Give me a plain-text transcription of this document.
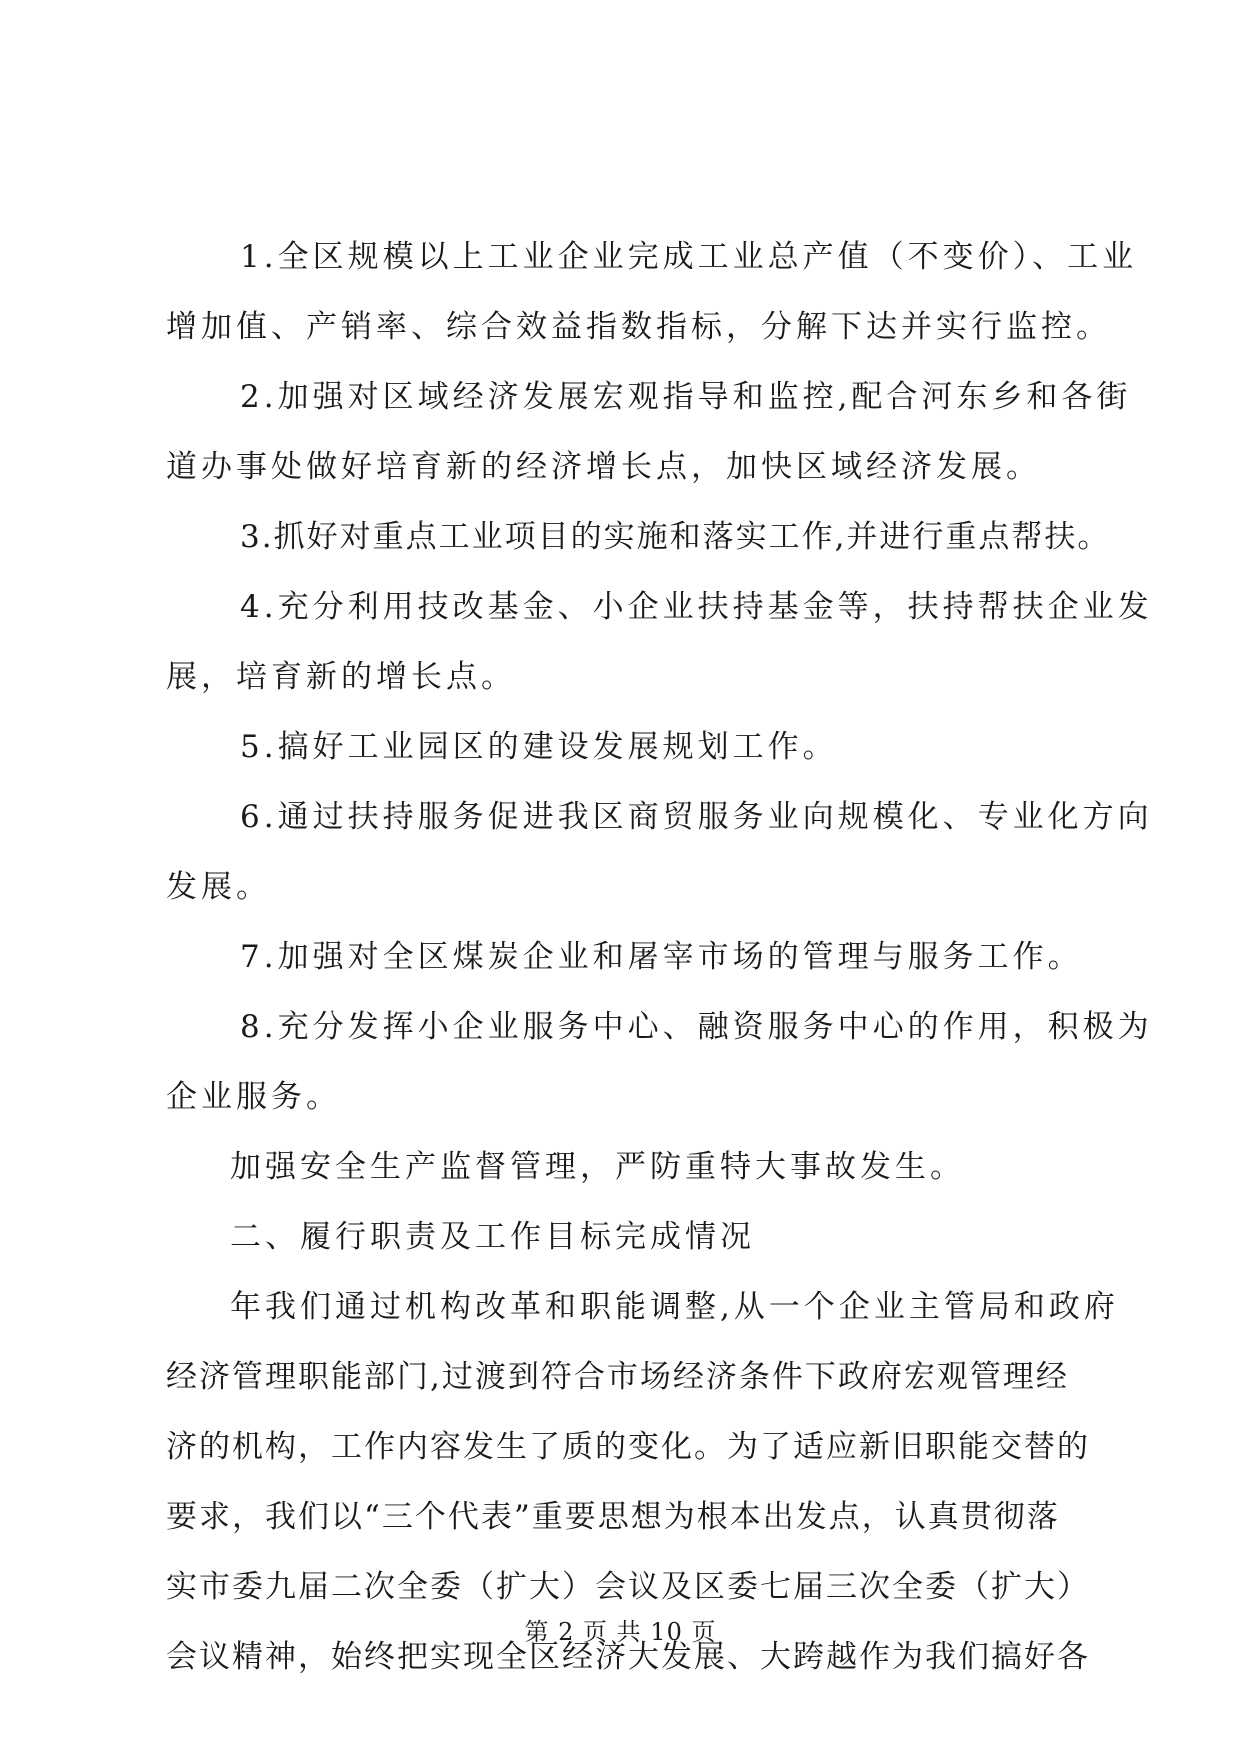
1.全区规模以上工业企业完成工业总产值（不变价）、工业
增加值、产销率、综合效益指数指标，分解下达并实行监控。
2.加强对区域经济发展宏观指导和监控,配合河东乡和各街
道办事处做好培育新的经济增长点，加快区域经济发展。
3.抓好对重点工业项目的实施和落实工作,并进行重点帮扶。
4.充分利用技改基金、小企业扶持基金等，扶持帮扶企业发
展，培育新的增长点。
5.搞好工业园区的建设发展规划工作。
6.通过扶持服务促进我区商贸服务业向规模化、专业化方向
发展。
7.加强对全区煤炭企业和屠宰市场的管理与服务工作。
8.充分发挥小企业服务中心、融资服务中心的作用，积极为
企业服务。
加强安全生产监督管理，严防重特大事故发生。
二、履行职责及工作目标完成情况
年我们通过机构改革和职能调整,从一个企业主管局和政府
经济管理职能部门,过渡到符合市场经济条件下政府宏观管理经
济的机构，工作内容发生了质的变化。为了适应新旧职能交替的
要求，我们以“三个代表”重要思想为根本出发点，认真贯彻落
实市委九届二次全委（扩大）会议及区委七届三次全委（扩大）
会议精神，始终把实现全区经济大发展、大跨越作为我们搞好各
第 2 页 共 10 页
